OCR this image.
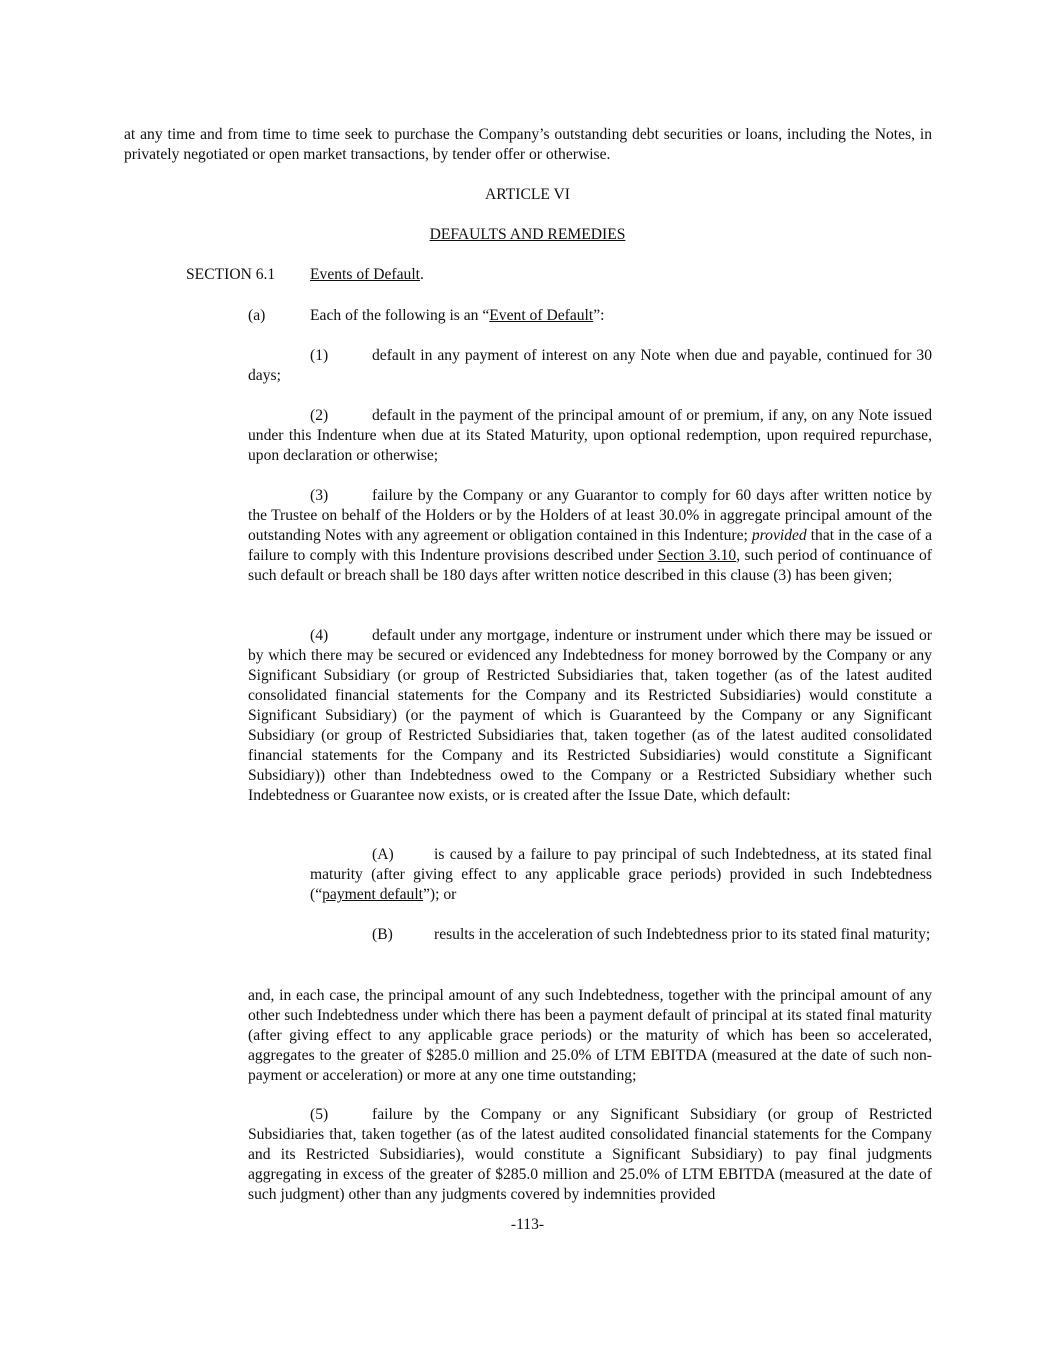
at any time and from time to time seek to purchase the Company’s outstanding debt securities or loans, including the Notes, in privately negotiated or open market transactions, by tender offer or otherwise.

ARTICLE VI

DEFAULTS AND REMEDIES

SECTION 6.1 Events of Default.

(a)	Each of the following is an “Event of Default”:

(1)	default in any payment of interest on any Note when due and payable, continued for 30 days;

(2)	default in the payment of the principal amount of or premium, if any, on any Note issued under this Indenture when due at its Stated Maturity, upon optional redemption, upon required repurchase, upon declaration or otherwise;

(3)	failure by the Company or any Guarantor to comply for 60 days after written notice by the Trustee on behalf of the Holders or by the Holders of at least 30.0% in aggregate principal amount of the outstanding Notes with any agreement or obligation contained in this Indenture; provided that in the case of a failure to comply with this Indenture provisions described under Section 3.10, such period of continuance of such default or breach shall be 180 days after written notice described in this clause (3) has been given;

(4)	default under any mortgage, indenture or instrument under which there may be issued or by which there may be secured or evidenced any Indebtedness for money borrowed by the Company or any Significant Subsidiary (or group of Restricted Subsidiaries that, taken together (as of the latest audited consolidated financial statements for the Company and its Restricted Subsidiaries) would constitute a Significant Subsidiary) (or the payment of which is Guaranteed by the Company or any Significant Subsidiary (or group of Restricted Subsidiaries that, taken together (as of the latest audited consolidated financial statements for the Company and its Restricted Subsidiaries) would constitute a Significant Subsidiary)) other than Indebtedness owed to the Company or a Restricted Subsidiary whether such Indebtedness or Guarantee now exists, or is created after the Issue Date, which default:

(A)	is caused by a failure to pay principal of such Indebtedness, at its stated final maturity (after giving effect to any applicable grace periods) provided in such Indebtedness (“payment default”); or

(B)	results in the acceleration of such Indebtedness prior to its stated final maturity;

and, in each case, the principal amount of any such Indebtedness, together with the principal amount of any other such Indebtedness under which there has been a payment default of principal at its stated final maturity (after giving effect to any applicable grace periods) or the maturity of which has been so accelerated, aggregates to the greater of $285.0 million and 25.0% of LTM EBITDA (measured at the date of such non-payment or acceleration) or more at any one time outstanding;

(5)	failure by the Company or any Significant Subsidiary (or group of Restricted Subsidiaries that, taken together (as of the latest audited consolidated financial statements for the Company and its Restricted Subsidiaries), would constitute a Significant Subsidiary) to pay final judgments aggregating in excess of the greater of $285.0 million and 25.0% of LTM EBITDA (measured at the date of such judgment) other than any judgments covered by indemnities provided

-113-
